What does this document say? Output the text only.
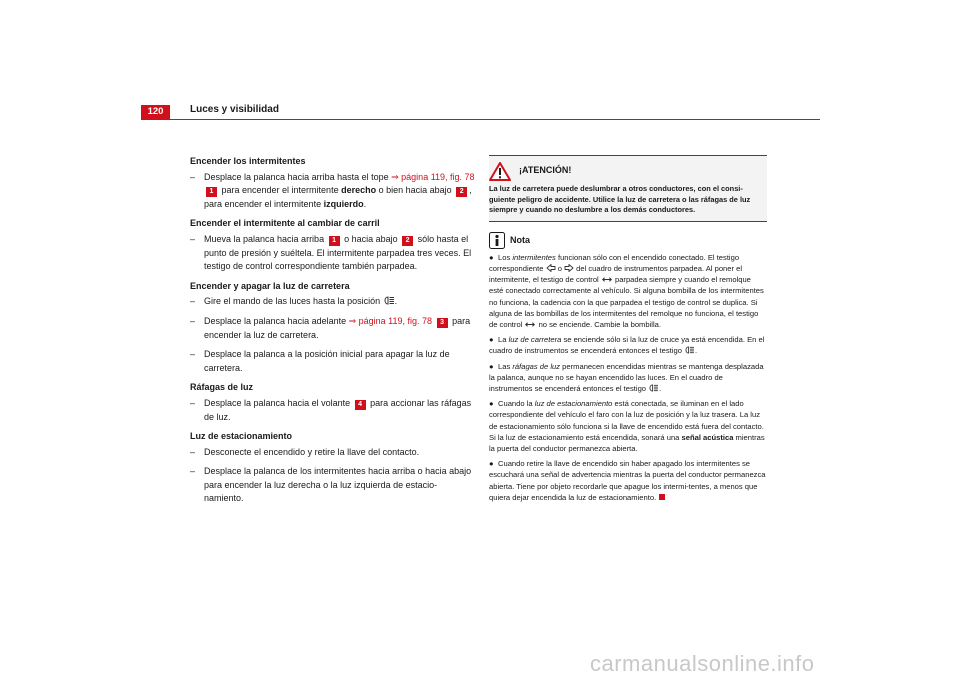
120	Luces y visibilidad
Encender los intermitentes
– Desplace la palanca hacia arriba hasta el tope ⇒ página 119, fig. 78 1 para encender el intermitente derecho o bien hacia abajo 2 , para encender el intermitente izquierdo.
Encender el intermitente al cambiar de carril
– Mueva la palanca hacia arriba 1 o hacia abajo 2 sólo hasta el punto de presión y suéltela. El intermitente parpadea tres veces. El testigo de control correspondiente también parpadea.
Encender y apagar la luz de carretera
– Gire el mando de las luces hasta la posición .
– Desplace la palanca hacia adelante ⇒ página 119, fig. 78 3 para encender la luz de carretera.
– Desplace la palanca a la posición inicial para apagar la luz de carretera.
Ráfagas de luz
– Desplace la palanca hacia el volante 4 para accionar las ráfagas de luz.
Luz de estacionamiento
– Desconecte el encendido y retire la llave del contacto.
– Desplace la palanca de los intermitentes hacia arriba o hacia abajo para encender la luz derecha o la luz izquierda de estacio-namiento.
¡ATENCIÓN!
La luz de carretera puede deslumbrar a otros conductores, con el consi-guiente peligro de accidente. Utilice la luz de carretera o las ráfagas de luz siempre y cuando no deslumbre a los demás conductores.
Nota
● Los intermitentes funcionan sólo con el encendido conectado. El testigo correspondiente  o  del cuadro de instrumentos parpadea. Al poner el intermitente, el testigo de control  parpadea siempre y cuando el remolque esté conectado correctamente al vehículo. Si alguna bombilla de los intermitentes no funciona, la cadencia con la que parpadea el testigo de control se duplica. Si alguna de las bombillas de los intermitentes del remolque no funciona, el testigo de control  no se enciende. Cambie la bombilla.
● La luz de carretera se enciende sólo si la luz de cruce ya está encendida. En el cuadro de instrumentos se encenderá entonces el testigo .
● Las ráfagas de luz permanecen encendidas mientras se mantenga desplazada la palanca, aunque no se hayan encendido las luces. En el cuadro de instrumentos se encenderá entonces el testigo .
● Cuando la luz de estacionamiento está conectada, se iluminan en el lado correspondiente del vehículo el faro con la luz de posición y la luz trasera. La luz de estacionamiento sólo funciona si la llave de encendido está fuera del contacto. Si la luz de estacionamiento está encendida, sonará una señal acústica mientras la puerta del conductor permanezca abierta.
● Cuando retire la llave de encendido sin haber apagado los intermitentes se escuchará una señal de advertencia mientras la puerta del conductor permanezca abierta. Tiene por objeto recordarle que apague los intermi-tentes, a menos que quiera dejar encendida la luz de estacionamiento.
carmanualsonline.info
